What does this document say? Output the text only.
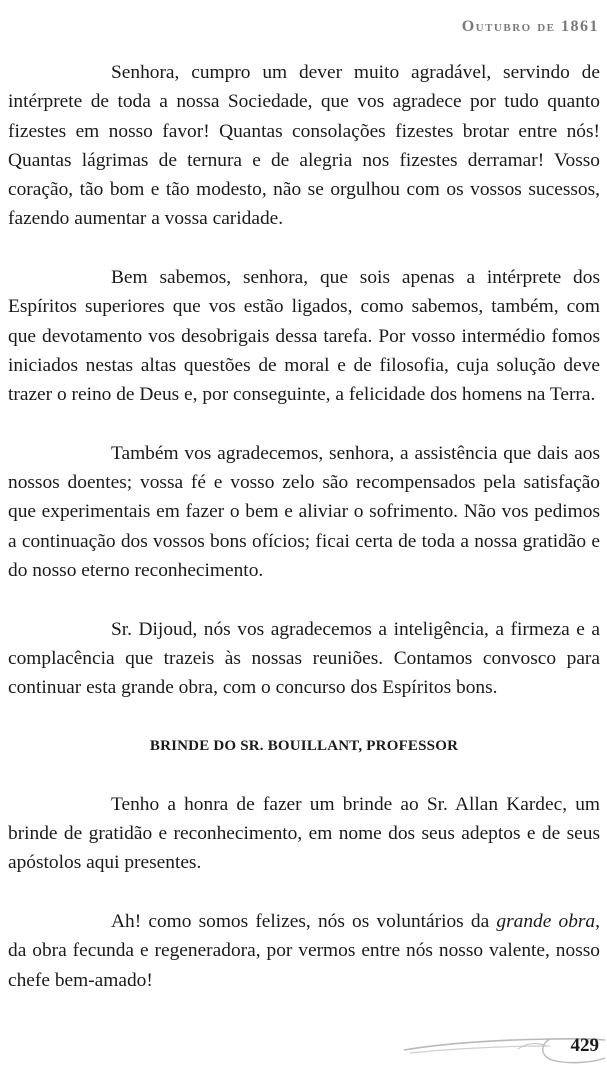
Outubro de 1861

Senhora, cumpro um dever muito agradável, servindo de intérprete de toda a nossa Sociedade, que vos agradece por tudo quanto fizestes em nosso favor! Quantas consolações fizestes brotar entre nós! Quantas lágrimas de ternura e de alegria nos fizestes derramar! Vosso coração, tão bom e tão modesto, não se orgulhou com os vossos sucessos, fazendo aumentar a vossa caridade.

Bem sabemos, senhora, que sois apenas a intérprete dos Espíritos superiores que vos estão ligados, como sabemos, também, com que devotamento vos desobrigais dessa tarefa. Por vosso intermédio fomos iniciados nestas altas questões de moral e de filosofia, cuja solução deve trazer o reino de Deus e, por conseguinte, a felicidade dos homens na Terra.

Também vos agradecemos, senhora, a assistência que dais aos nossos doentes; vossa fé e vosso zelo são recompensados pela satisfação que experimentais em fazer o bem e aliviar o sofrimento. Não vos pedimos a continuação dos vossos bons ofícios; ficai certa de toda a nossa gratidão e do nosso eterno reconhecimento.

Sr. Dijoud, nós vos agradecemos a inteligência, a firmeza e a complacência que trazeis às nossas reuniões. Contamos convosco para continuar esta grande obra, com o concurso dos Espíritos bons.

BRINDE DO SR. BOUILLANT, PROFESSOR

Tenho a honra de fazer um brinde ao Sr. Allan Kardec, um brinde de gratidão e reconhecimento, em nome dos seus adeptos e de seus apóstolos aqui presentes.

Ah! como somos felizes, nós os voluntários da grande obra, da obra fecunda e regeneradora, por vermos entre nós nosso valente, nosso chefe bem-amado!

429
